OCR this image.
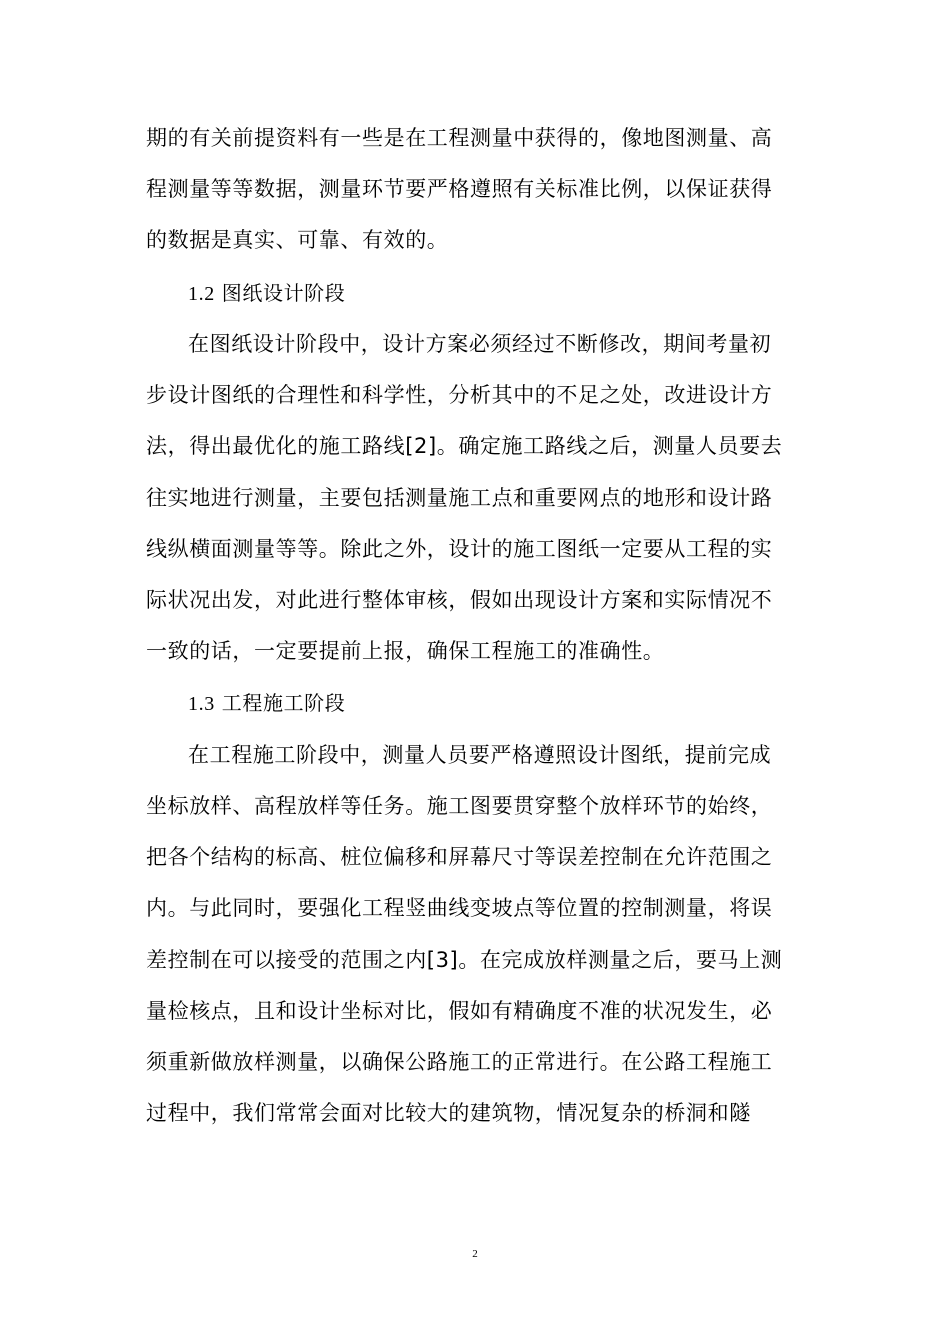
期的有关前提资料有一些是在工程测量中获得的，像地图测量、高
程测量等等数据，测量环节要严格遵照有关标准比例，以保证获得
的数据是真实、可靠、有效的。
1.2 图纸设计阶段
在图纸设计阶段中，设计方案必须经过不断修改，期间考量初
步设计图纸的合理性和科学性，分析其中的不足之处，改进设计方
法，得出最优化的施工路线[2]。确定施工路线之后，测量人员要去
往实地进行测量，主要包括测量施工点和重要网点的地形和设计路
线纵横面测量等等。除此之外，设计的施工图纸一定要从工程的实
际状况出发，对此进行整体审核，假如出现设计方案和实际情况不
一致的话，一定要提前上报，确保工程施工的准确性。
1.3 工程施工阶段
在工程施工阶段中，测量人员要严格遵照设计图纸，提前完成
坐标放样、高程放样等任务。施工图要贯穿整个放样环节的始终，
把各个结构的标高、桩位偏移和屏幕尺寸等误差控制在允许范围之
内。与此同时，要强化工程竖曲线变坡点等位置的控制测量，将误
差控制在可以接受的范围之内[3]。在完成放样测量之后，要马上测
量检核点，且和设计坐标对比，假如有精确度不准的状况发生，必
须重新做放样测量，以确保公路施工的正常进行。在公路工程施工
过程中，我们常常会面对比较大的建筑物，情况复杂的桥洞和隧
2
